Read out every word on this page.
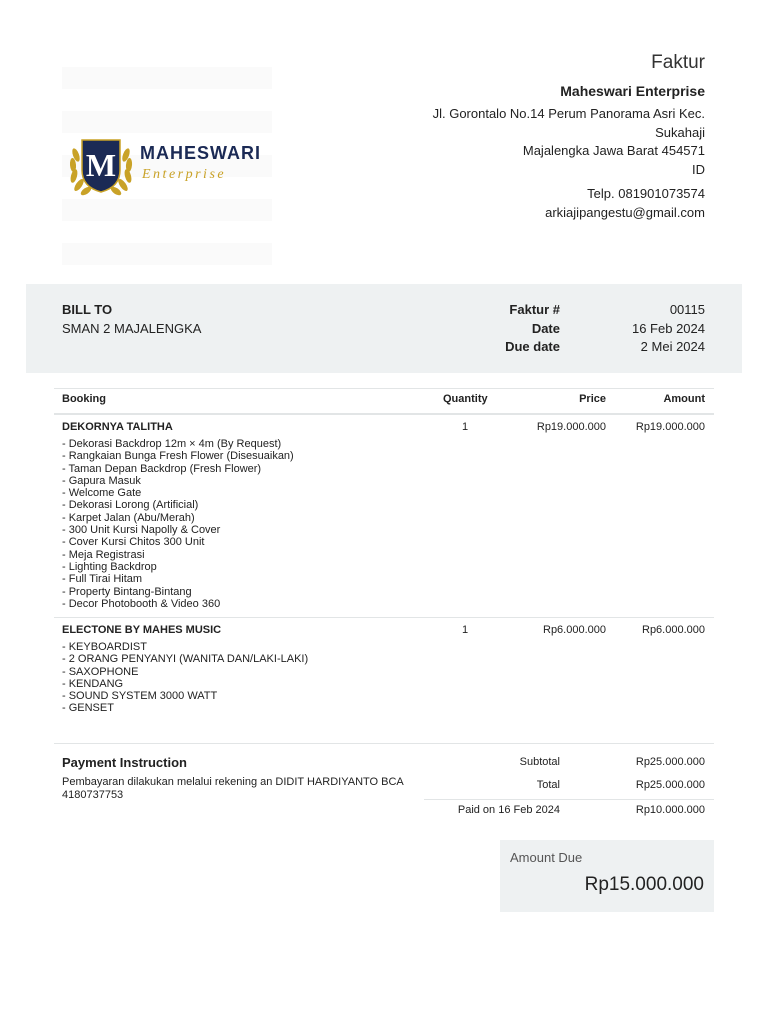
M MAHESWARI
Enterprise
Faktur
Maheswari Enterprise
Jl. Gorontalo No.14 Perum Panorama Asri Kec.
Sukahaji
Majalengka Jawa Barat 454571
ID
Telp. 081901073574
arkiajipangestu@gmail.com
BILL TO
SMAN 2 MAJALENGKA
Faktur #	00115
Date	16 Feb 2024
Due date	2 Mei 2024
Booking	Quantity	Price	Amount
DEKORNYA TALITHA	1	Rp19.000.000	Rp19.000.000
- Dekorasi Backdrop 12m × 4m (By Request)
- Rangkaian Bunga Fresh Flower (Disesuaikan)
- Taman Depan Backdrop (Fresh Flower)
- Gapura Masuk
- Welcome Gate
- Dekorasi Lorong (Artificial)
- Karpet Jalan (Abu/Merah)
- 300 Unit Kursi Napolly & Cover
- Cover Kursi Chitos 300 Unit
- Meja Registrasi
- Lighting Backdrop
- Full Tirai Hitam
- Property Bintang-Bintang
- Decor Photobooth & Video 360
ELECTONE BY MAHES MUSIC	1	Rp6.000.000	Rp6.000.000
- KEYBOARDIST
- 2 ORANG PENYANYI (WANITA DAN/LAKI-LAKI)
- SAXOPHONE
- KENDANG
- SOUND SYSTEM 3000 WATT
- GENSET
Payment Instruction
Pembayaran dilakukan melalui rekening an DIDIT HARDIYANTO BCA 4180737753
Subtotal	Rp25.000.000
Total	Rp25.000.000
Paid on 16 Feb 2024	Rp10.000.000
Amount Due
Rp15.000.000
